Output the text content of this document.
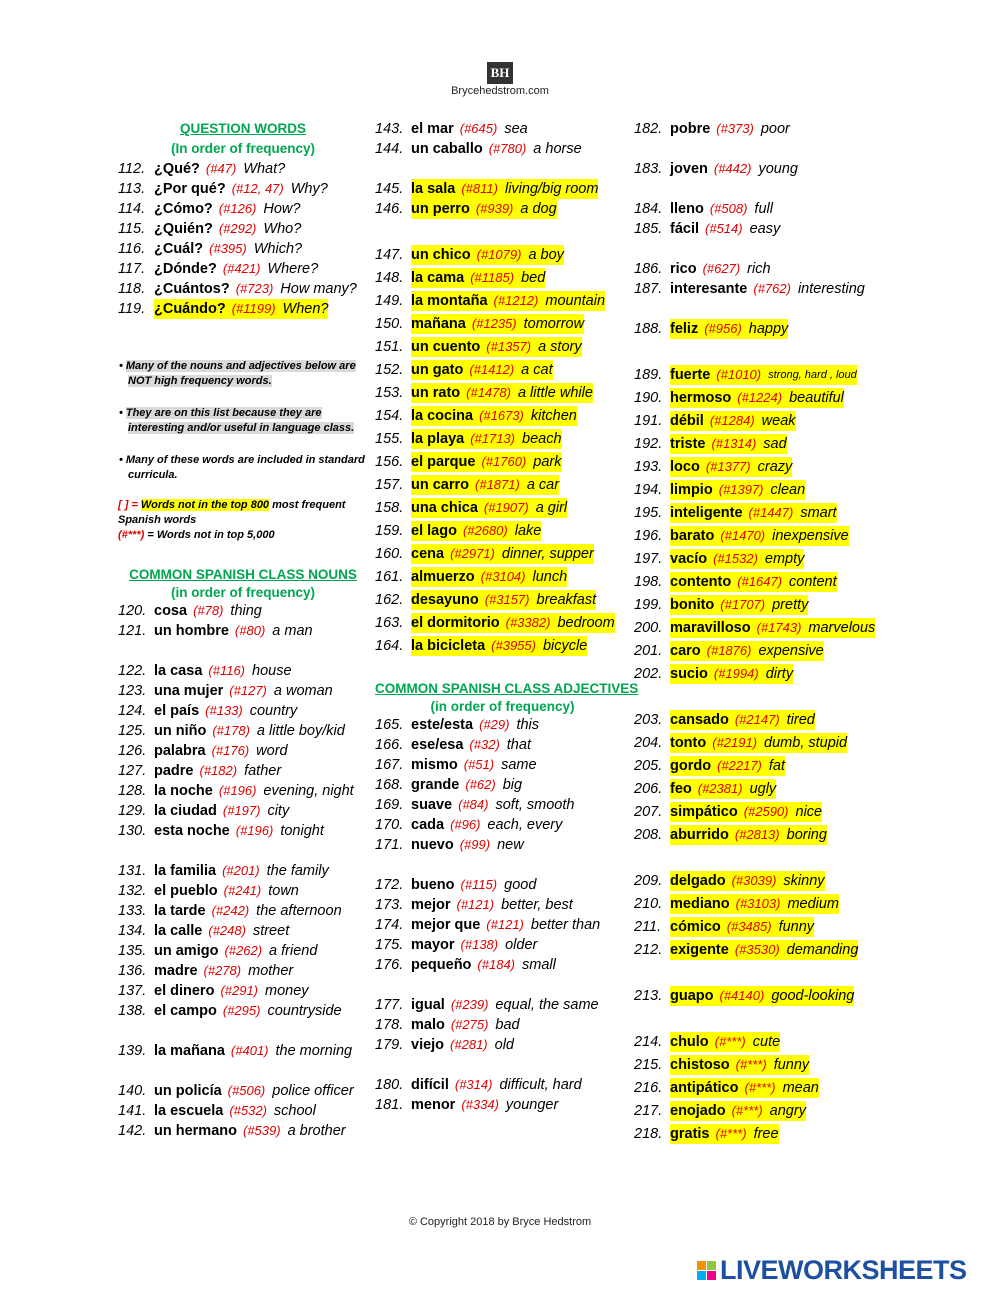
BH
Brycehedstrom.com
QUESTION WORDS
(In order of frequency)
112. ¿Qué? (#47) What?
113. ¿Por qué? (#12, 47) Why?
114. ¿Cómo? (#126) How?
115. ¿Quién? (#292) Who?
116. ¿Cuál? (#395) Which?
117. ¿Dónde? (#421) Where?
118. ¿Cuántos? (#723) How many?
119. ¿Cuándo? (#1199) When?
• Many of the nouns and adjectives below are NOT high frequency words.
• They are on this list because they are interesting and/or useful in language class.
• Many of these words are included in standard curricula.
[ ] = Words not in the top 800 most frequent Spanish words
(#***) = Words not in top 5,000
COMMON SPANISH CLASS NOUNS
(in order of frequency)
120. cosa (#78) thing
121. un hombre (#80) a man
122. la casa (#116) house
123. una mujer (#127) a woman
124. el país (#133) country
125. un niño (#178) a little boy/kid
126. palabra (#176) word
127. padre (#182) father
128. la noche (#196) evening, night
129. la ciudad (#197) city
130. esta noche (#196) tonight
131. la familia (#201) the family
132. el pueblo (#241) town
133. la tarde (#242) the afternoon
134. la calle (#248) street
135. un amigo (#262) a friend
136. madre (#278) mother
137. el dinero (#291) money
138. el campo (#295) countryside
139. la mañana (#401) the morning
140. un policía (#506) police officer
141. la escuela (#532) school
142. un hermano (#539) a brother
143. el mar (#645) sea
144. un caballo (#780) a horse
145. la sala (#811) living/big room
146. un perro (#939) a dog
147. un chico (#1079) a boy
148. la cama (#1185) bed
149. la montaña (#1212) mountain
150. mañana (#1235) tomorrow
151. un cuento (#1357) a story
152. un gato (#1412) a cat
153. un rato (#1478) a little while
154. la cocina (#1673) kitchen
155. la playa (#1713) beach
156. el parque (#1760) park
157. un carro (#1871) a car
158. una chica (#1907) a girl
159. el lago (#2680) lake
160. cena (#2971) dinner, supper
161. almuerzo (#3104) lunch
162. desayuno (#3157) breakfast
163. el dormitorio (#3382) bedroom
164. la bicicleta (#3955) bicycle
COMMON SPANISH CLASS ADJECTIVES
(in order of frequency)
165. este/esta (#29) this
166. ese/esa (#32) that
167. mismo (#51) same
168. grande (#62) big
169. suave (#84) soft, smooth
170. cada (#96) each, every
171. nuevo (#99) new
172. bueno (#115) good
173. mejor (#121) better, best
174. mejor que (#121) better than
175. mayor (#138) older
176. pequeño (#184) small
177. igual (#239) equal, the same
178. malo (#275) bad
179. viejo (#281) old
180. difícil (#314) difficult, hard
181. menor (#334) younger
182. pobre (#373) poor
183. joven (#442) young
184. lleno (#508) full
185. fácil (#514) easy
186. rico (#627) rich
187. interesante (#762) interesting
188. feliz (#956) happy
189. fuerte (#1010) strong, hard , loud
190. hermoso (#1224) beautiful
191. débil (#1284) weak
192. triste (#1314) sad
193. loco (#1377) crazy
194. limpio (#1397) clean
195. inteligente (#1447) smart
196. barato (#1470) inexpensive
197. vacío (#1532) empty
198. contento (#1647) content
199. bonito (#1707) pretty
200. maravilloso (#1743) marvelous
201. caro (#1876) expensive
202. sucio (#1994) dirty
203. cansado (#2147) tired
204. tonto (#2191) dumb, stupid
205. gordo (#2217) fat
206. feo (#2381) ugly
207. simpático (#2590) nice
208. aburrido (#2813) boring
209. delgado (#3039) skinny
210. mediano (#3103) medium
211. cómico (#3485) funny
212. exigente (#3530) demanding
213. guapo (#4140) good-looking
214. chulo (#***) cute
215. chistoso (#***) funny
216. antipático (#***) mean
217. enojado (#***) angry
218. gratis (#***) free
© Copyright 2018 by Bryce Hedstrom
LIVEWORKSHEETS
